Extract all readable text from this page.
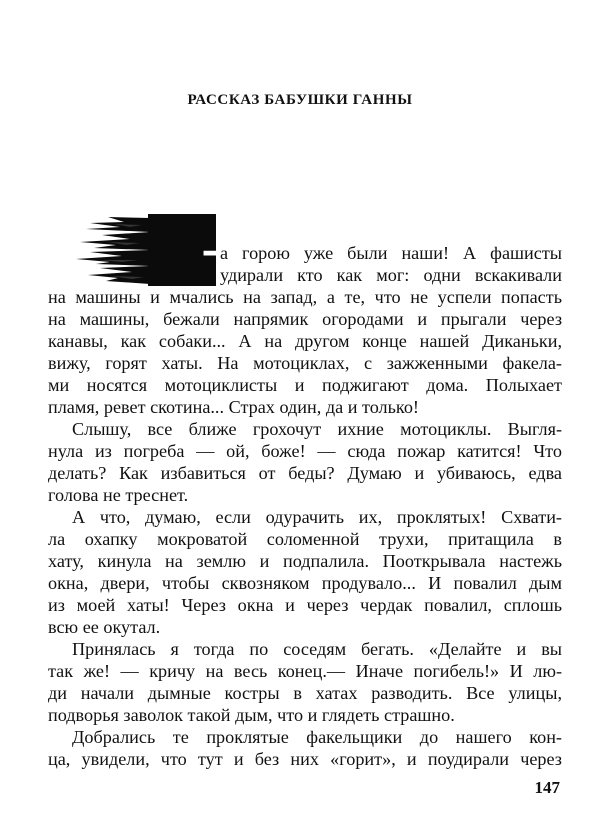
РАССКАЗ БАБУШКИ ГАННЫ
-З
а горою уже были наши! А фашисты
удирали кто как мог: одни вскакивали
на машины и мчались на запад, а те, что не успели попасть
на машины, бежали напрямик огородами и прыгали через
канавы, как собаки... А на другом конце нашей Диканьки,
вижу, горят хаты. На мотоциклах, с зажженными факела-
ми носятся мотоциклисты и поджигают дома. Полыхает
пламя, ревет скотина... Страх один, да и только!
Слышу, все ближе грохочут ихние мотоциклы. Выгля-
нула из погреба — ой, боже! — сюда пожар катится! Что
делать? Как избавиться от беды? Думаю и убиваюсь, едва
голова не треснет.
А что, думаю, если одурачить их, проклятых! Схвати-
ла охапку мокроватой соломенной трухи, притащила в
хату, кинула на землю и подпалила. Пооткрывала настежь
окна, двери, чтобы сквозняком продувало... И повалил дым
из моей хаты! Через окна и через чердак повалил, сплошь
всю ее окутал.
Принялась я тогда по соседям бегать. «Делайте и вы
так же! — кричу на весь конец.— Иначе погибель!» И лю-
ди начали дымные костры в хатах разводить. Все улицы,
подворья заволок такой дым, что и глядеть страшно.
Добрались те проклятые факельщики до нашего кон-
ца, увидели, что тут и без них «горит», и поудирали через
147
